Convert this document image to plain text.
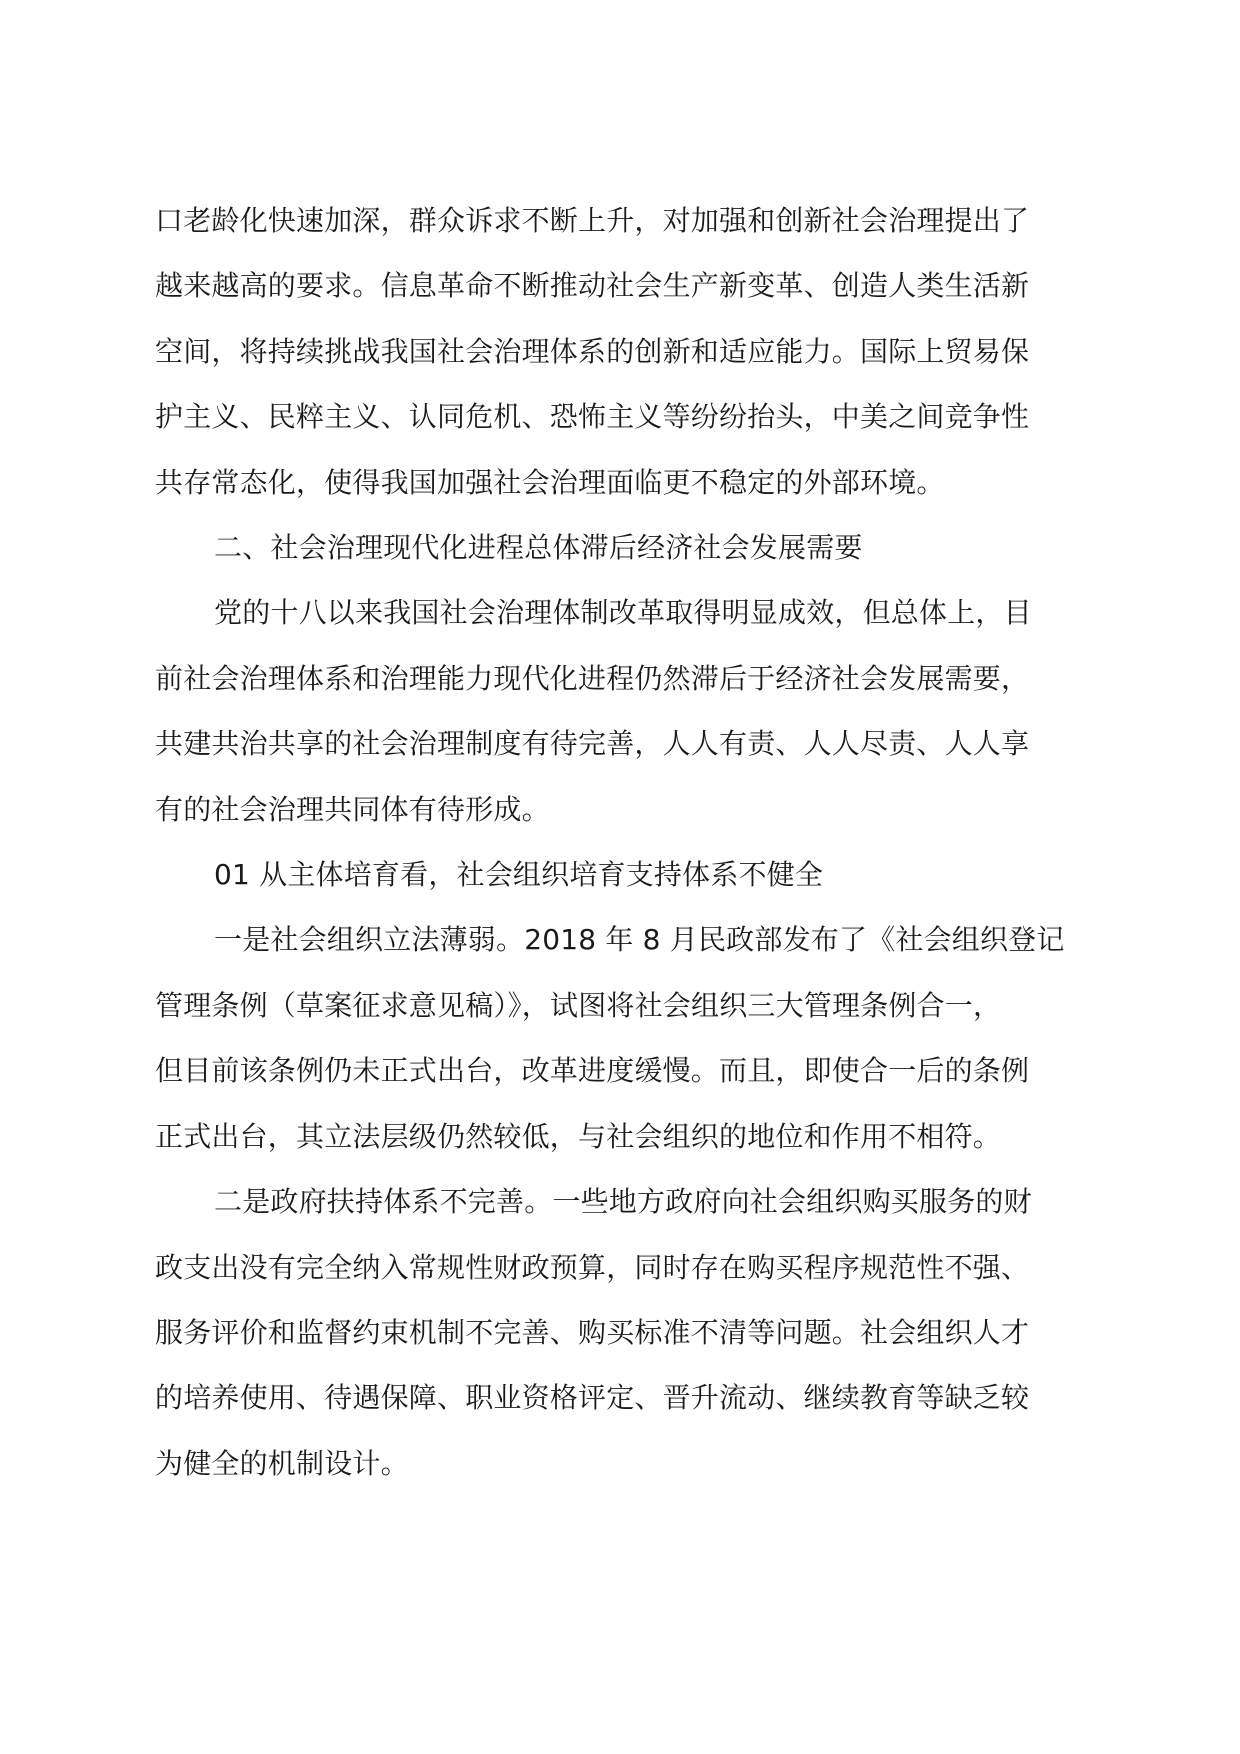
口老龄化快速加深，群众诉求不断上升，对加强和创新社会治理提出了
越来越高的要求。信息革命不断推动社会生产新变革、创造人类生活新
空间，将持续挑战我国社会治理体系的创新和适应能力。国际上贸易保
护主义、民粹主义、认同危机、恐怖主义等纷纷抬头，中美之间竞争性
共存常态化，使得我国加强社会治理面临更不稳定的外部环境。

二、社会治理现代化进程总体滞后经济社会发展需要

党的十八以来我国社会治理体制改革取得明显成效，但总体上，目
前社会治理体系和治理能力现代化进程仍然滞后于经济社会发展需要，
共建共治共享的社会治理制度有待完善，人人有责、人人尽责、人人享
有的社会治理共同体有待形成。

01 从主体培育看，社会组织培育支持体系不健全

一是社会组织立法薄弱。2018 年 8 月民政部发布了《社会组织登记
管理条例（草案征求意见稿）》，试图将社会组织三大管理条例合一，
但目前该条例仍未正式出台，改革进度缓慢。而且，即使合一后的条例
正式出台，其立法层级仍然较低，与社会组织的地位和作用不相符。

二是政府扶持体系不完善。一些地方政府向社会组织购买服务的财
政支出没有完全纳入常规性财政预算，同时存在购买程序规范性不强、
服务评价和监督约束机制不完善、购买标准不清等问题。社会组织人才
的培养使用、待遇保障、职业资格评定、晋升流动、继续教育等缺乏较
为健全的机制设计。
